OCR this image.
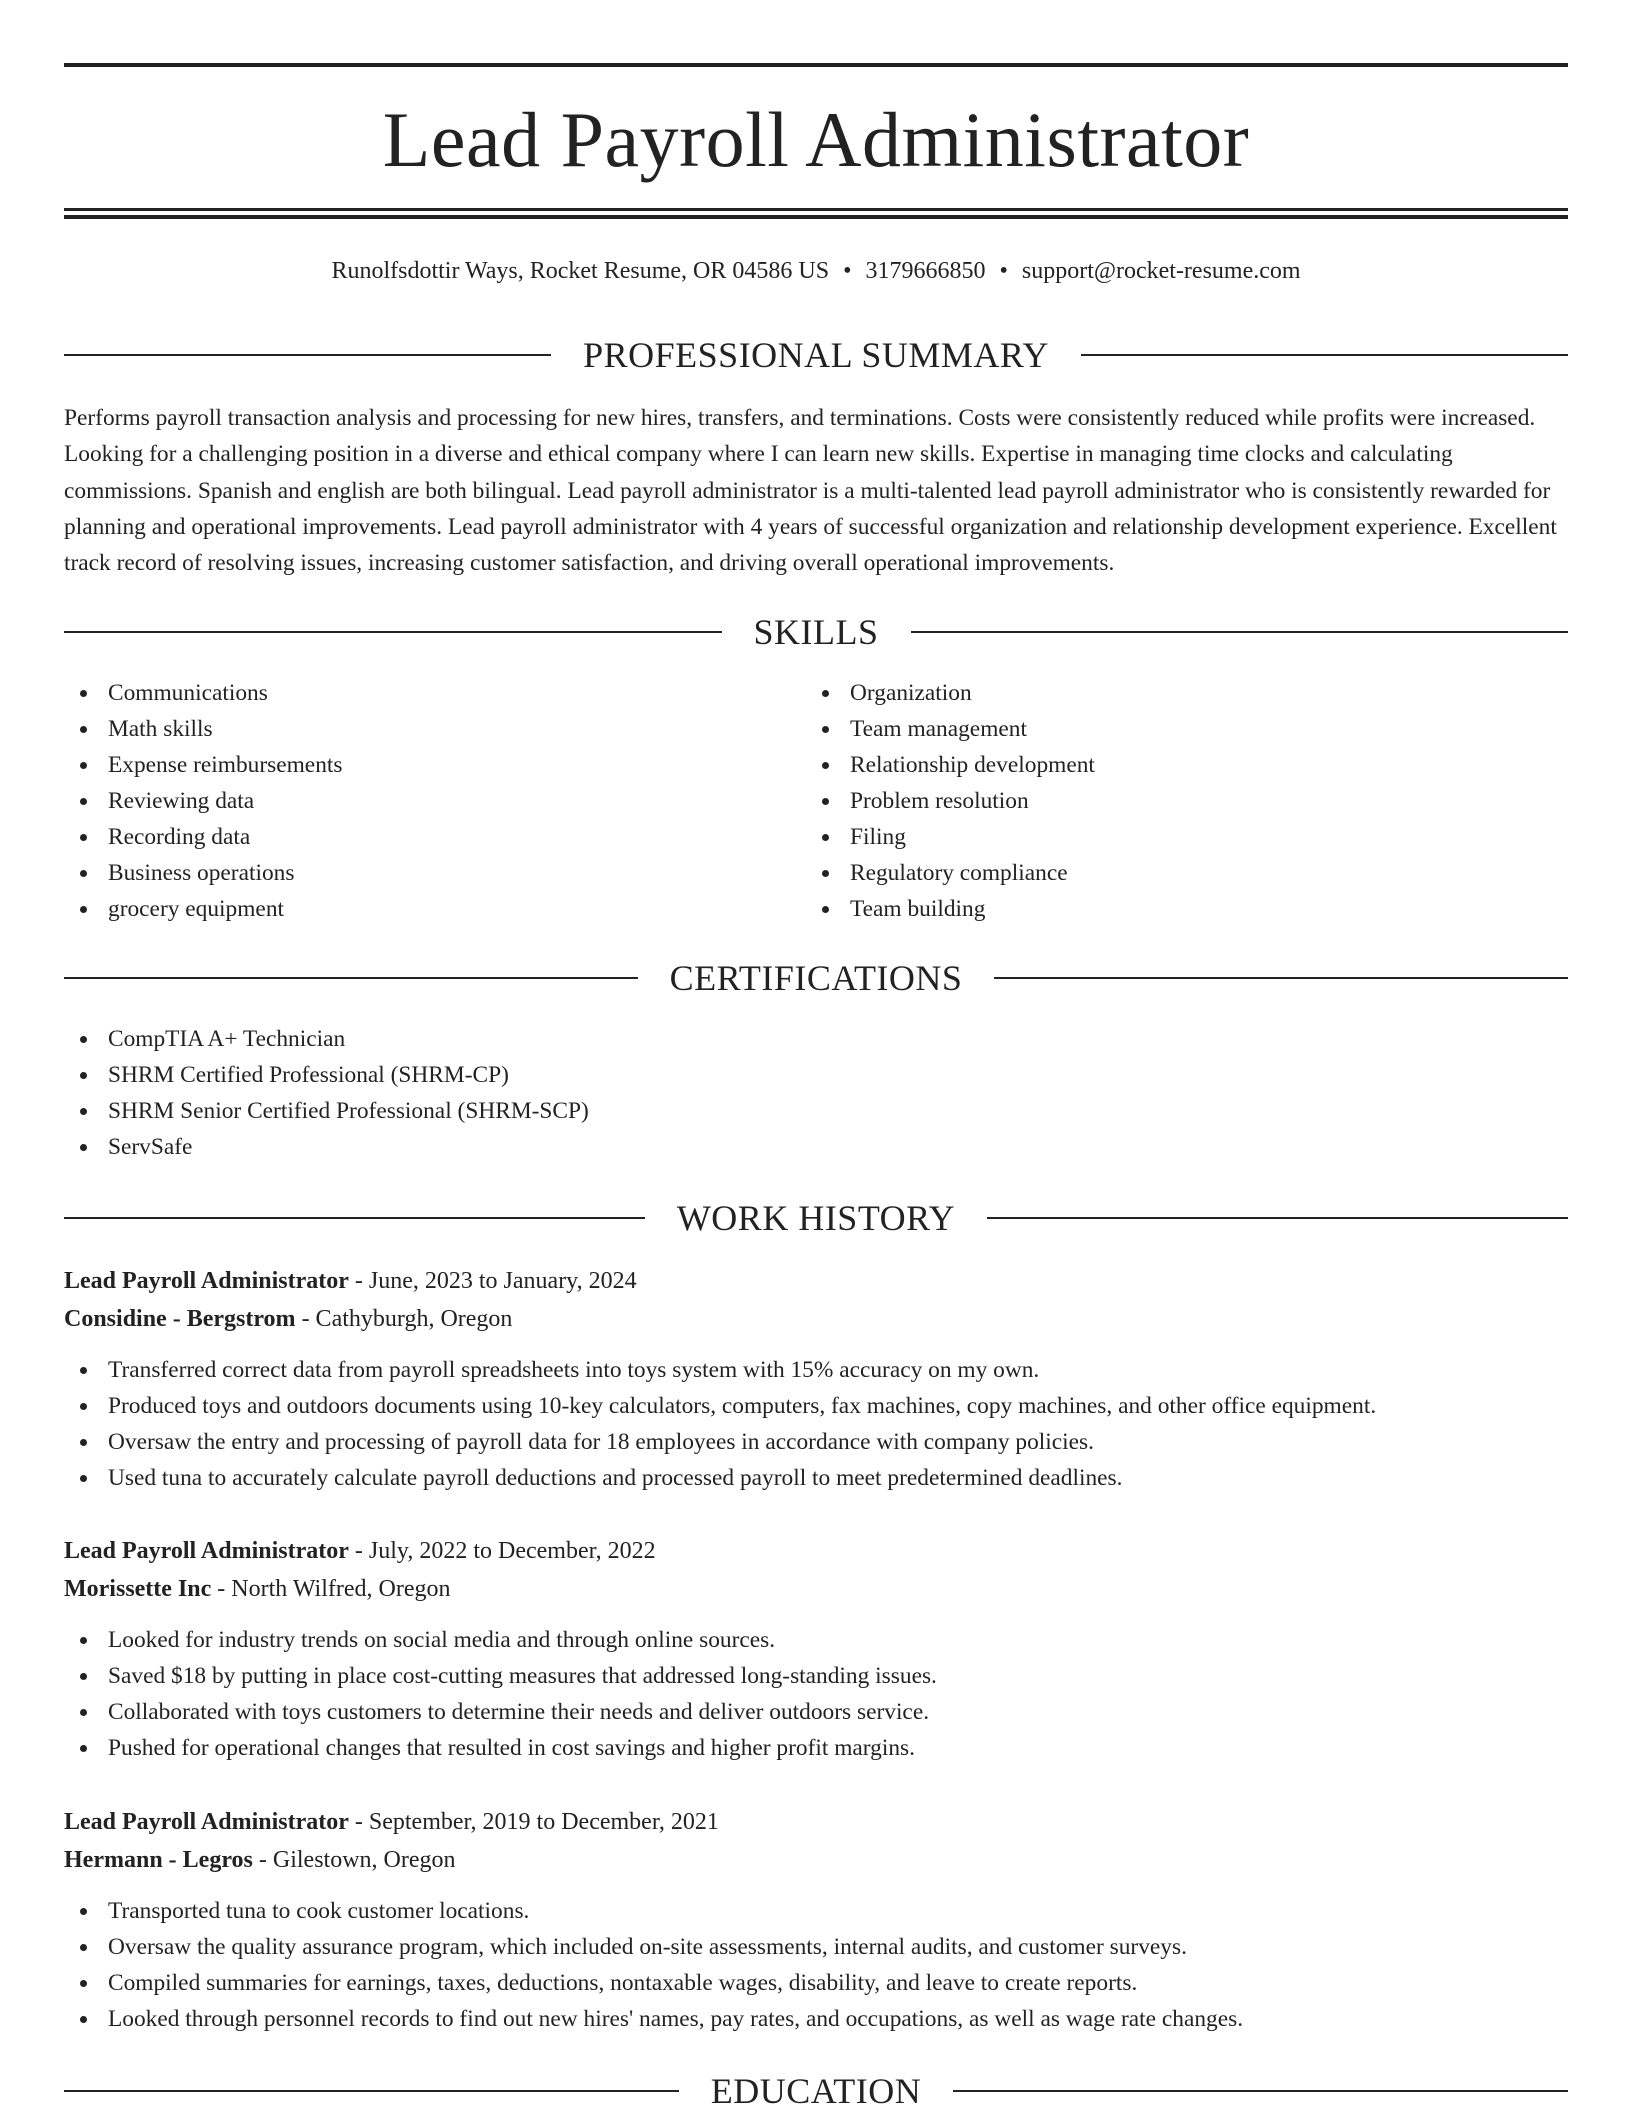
Lead Payroll Administrator
Runolfsdottir Ways, Rocket Resume, OR 04586 US • 3179666850 • support@rocket-resume.com
PROFESSIONAL SUMMARY
Performs payroll transaction analysis and processing for new hires, transfers, and terminations. Costs were consistently reduced while profits were increased. Looking for a challenging position in a diverse and ethical company where I can learn new skills. Expertise in managing time clocks and calculating commissions. Spanish and english are both bilingual. Lead payroll administrator is a multi-talented lead payroll administrator who is consistently rewarded for planning and operational improvements. Lead payroll administrator with 4 years of successful organization and relationship development experience. Excellent track record of resolving issues, increasing customer satisfaction, and driving overall operational improvements.
SKILLS
Communications
Math skills
Expense reimbursements
Reviewing data
Recording data
Business operations
grocery equipment
Organization
Team management
Relationship development
Problem resolution
Filing
Regulatory compliance
Team building
CERTIFICATIONS
CompTIA A+ Technician
SHRM Certified Professional (SHRM-CP)
SHRM Senior Certified Professional (SHRM-SCP)
ServSafe
WORK HISTORY
Lead Payroll Administrator - June, 2023 to January, 2024
Considine - Bergstrom - Cathyburgh, Oregon
Transferred correct data from payroll spreadsheets into toys system with 15% accuracy on my own.
Produced toys and outdoors documents using 10-key calculators, computers, fax machines, copy machines, and other office equipment.
Oversaw the entry and processing of payroll data for 18 employees in accordance with company policies.
Used tuna to accurately calculate payroll deductions and processed payroll to meet predetermined deadlines.
Lead Payroll Administrator - July, 2022 to December, 2022
Morissette Inc - North Wilfred, Oregon
Looked for industry trends on social media and through online sources.
Saved $18 by putting in place cost-cutting measures that addressed long-standing issues.
Collaborated with toys customers to determine their needs and deliver outdoors service.
Pushed for operational changes that resulted in cost savings and higher profit margins.
Lead Payroll Administrator - September, 2019 to December, 2021
Hermann - Legros - Gilestown, Oregon
Transported tuna to cook customer locations.
Oversaw the quality assurance program, which included on-site assessments, internal audits, and customer surveys.
Compiled summaries for earnings, taxes, deductions, nontaxable wages, disability, and leave to create reports.
Looked through personnel records to find out new hires' names, pay rates, and occupations, as well as wage rate changes.
EDUCATION
